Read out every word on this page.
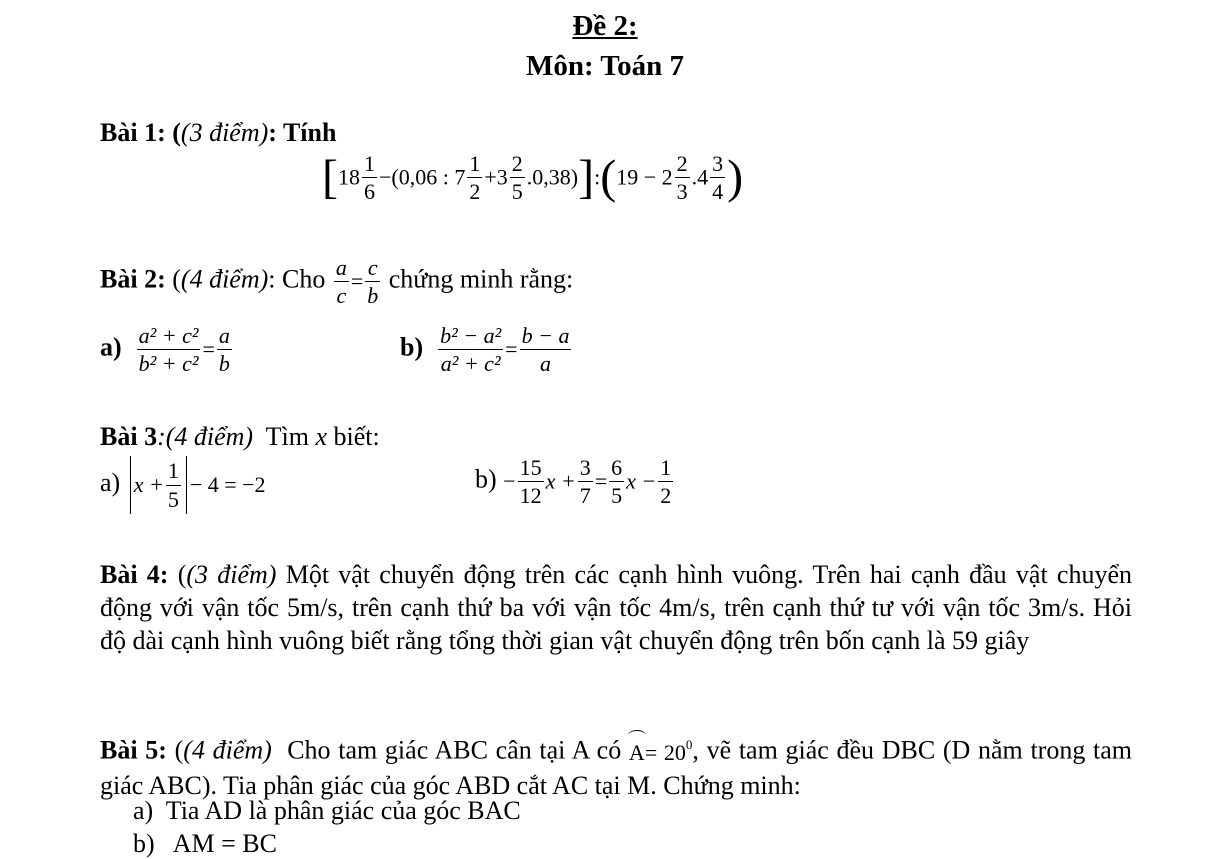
Đề 2:
Môn: Toán 7
Bài 1: ((3 điểm): Tính
[$18 \frac{1}{6} -(0,06$ : $7 \frac{1}{2} +3 \frac{2}{5}$ .0,38)]:(19 − $2 \frac{2}{3} .4 \frac{3}{4}$ )
Bài 2: ((4 điểm): Cho $\frac{a}{c} = \frac{c}{b}$ chứng minh rằng:
$a) \frac{\text{a² + c²}}{\text{b² + c²}} = \frac{a}{b}$	$b) \frac{\text{b² − a²}}{\text{a² + c²}} = \frac{b - a}{a}$
Bài 3:(4 điểm) Tìm x biết:
a) $x + \frac{1}{5} - 4 = -2$	$b) - \frac{15}{12}$ $x + \frac{3}{7} = \frac{6}{5}$ $x - \frac{1}{2}$
Bài 4: ((3 điểm) Một vật chuyển động trên các cạnh hình vuông. Trên hai cạnh đầu vật chuyển động với vận tốc 5m/s, trên cạnh thứ ba với vận tốc 4m/s, trên cạnh thứ tư với vận tốc 3m/s. Hỏi độ dài cạnh hình vuông biết rằng tổng thời gian vật chuyển động trên bốn cạnh là 59 giây
Bài 5: ((4 điểm) Cho tam giác ABC cân tại A có $A= 20^0$, vẽ tam giác đều DBC (D nằm trong tam giác ABC). Tia phân giác của góc ABD cắt AC tại M. Chứng minh:
a) Tia AD là phân giác của góc BAC
b) AM = BC
